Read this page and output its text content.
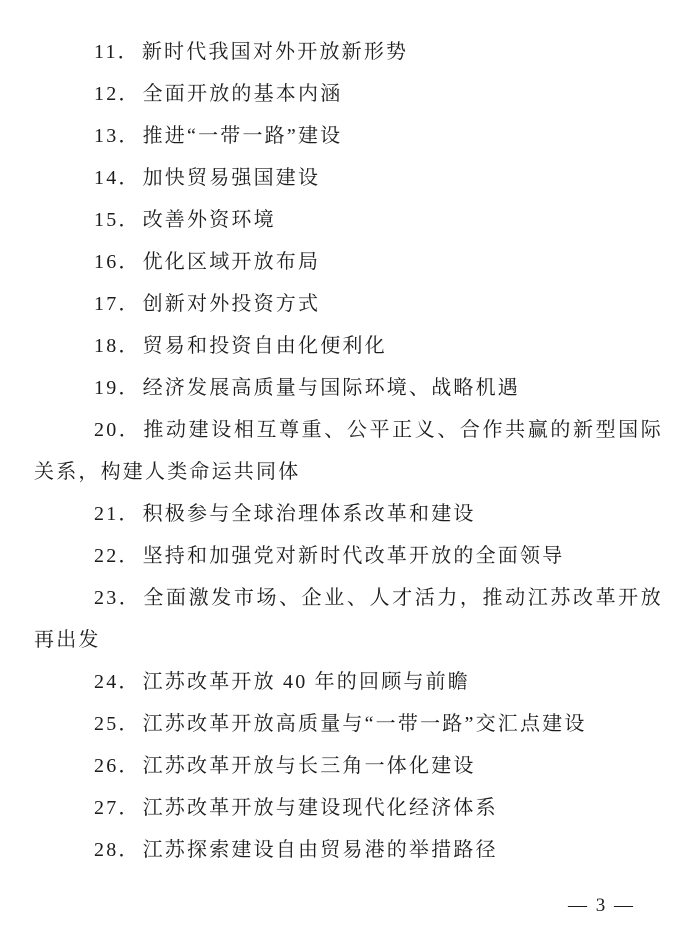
11． 新时代我国对外开放新形势

12． 全面开放的基本内涵

13． 推进“一带一路”建设

14． 加快贸易强国建设

15． 改善外资环境

16． 优化区域开放布局

17． 创新对外投资方式

18． 贸易和投资自由化便利化

19． 经济发展高质量与国际环境、战略机遇

20． 推动建设相互尊重、公平正义、合作共赢的新型国际关系，构建人类命运共同体

21． 积极参与全球治理体系改革和建设

22． 坚持和加强党对新时代改革开放的全面领导

23． 全面激发市场、企业、人才活力，推动江苏改革开放再出发

24． 江苏改革开放 40 年的回顾与前瞻

25． 江苏改革开放高质量与“一带一路”交汇点建设

26． 江苏改革开放与长三角一体化建设

27． 江苏改革开放与建设现代化经济体系

28． 江苏探索建设自由贸易港的举措路径

— 3 —
